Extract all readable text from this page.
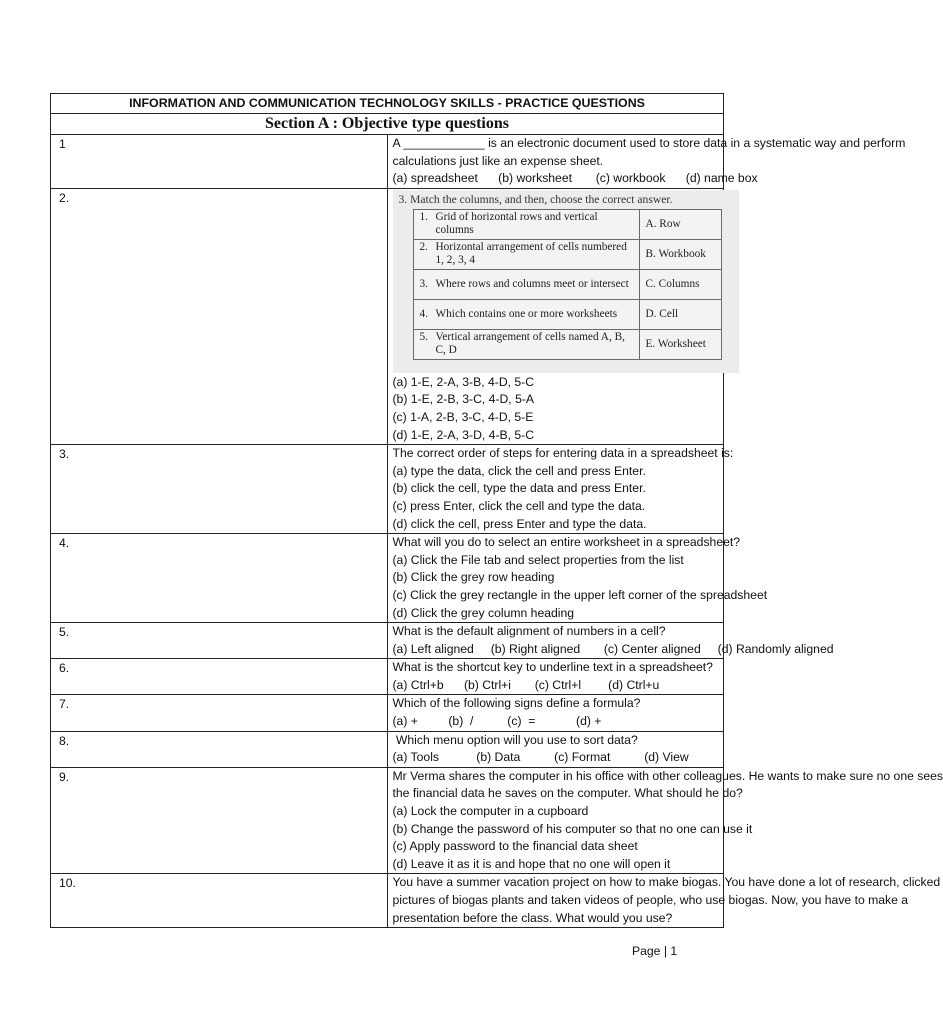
INFORMATION AND COMMUNICATION TECHNOLOGY SKILLS - PRACTICE QUESTIONS
Section A : Objective type questions

1	A ____________ is an electronic document used to store data in a systematic way and perform
calculations just like an expense sheet.
(a) spreadsheet      (b) worksheet       (c) workbook      (d) name box

2.	3. Match the columns, and then, choose the correct answer.
1. Grid of horizontal rows and vertical columns	A. Row
2. Horizontal arrangement of cells numbered 1, 2, 3, 4	B. Workbook
3. Where rows and columns meet or intersect	C. Columns
4. Which contains one or more worksheets	D. Cell
5. Vertical arrangement of cells named A, B, C, D	E. Worksheet
(a) 1-E, 2-A, 3-B, 4-D, 5-C
(b) 1-E, 2-B, 3-C, 4-D, 5-A
(c) 1-A, 2-B, 3-C, 4-D, 5-E
(d) 1-E, 2-A, 3-D, 4-B, 5-C

3.	The correct order of steps for entering data in a spreadsheet is:
(a) type the data, click the cell and press Enter.
(b) click the cell, type the data and press Enter.
(c) press Enter, click the cell and type the data.
(d) click the cell, press Enter and type the data.

4.	What will you do to select an entire worksheet in a spreadsheet?
(a) Click the File tab and select properties from the list
(b) Click the grey row heading
(c) Click the grey rectangle in the upper left corner of the spreadsheet
(d) Click the grey column heading

5.	What is the default alignment of numbers in a cell?
(a) Left aligned     (b) Right aligned       (c) Center aligned     (d) Randomly aligned

6.	What is the shortcut key to underline text in a spreadsheet?
(a) Ctrl+b      (b) Ctrl+i       (c) Ctrl+l        (d) Ctrl+u

7.	Which of the following signs define a formula?
(a) +         (b)  /          (c)  =            (d) +

8.	Which menu option will you use to sort data?
(a) Tools           (b) Data          (c) Format          (d) View

9.	Mr Verma shares the computer in his office with other colleagues. He wants to make sure no one sees
the financial data he saves on the computer. What should he do?
(a) Lock the computer in a cupboard
(b) Change the password of his computer so that no one can use it
(c) Apply password to the financial data sheet
(d) Leave it as it is and hope that no one will open it

10.	You have a summer vacation project on how to make biogas. You have done a lot of research, clicked
pictures of biogas plants and taken videos of people, who use biogas. Now, you have to make a
presentation before the class. What would you use?
Page | 1
